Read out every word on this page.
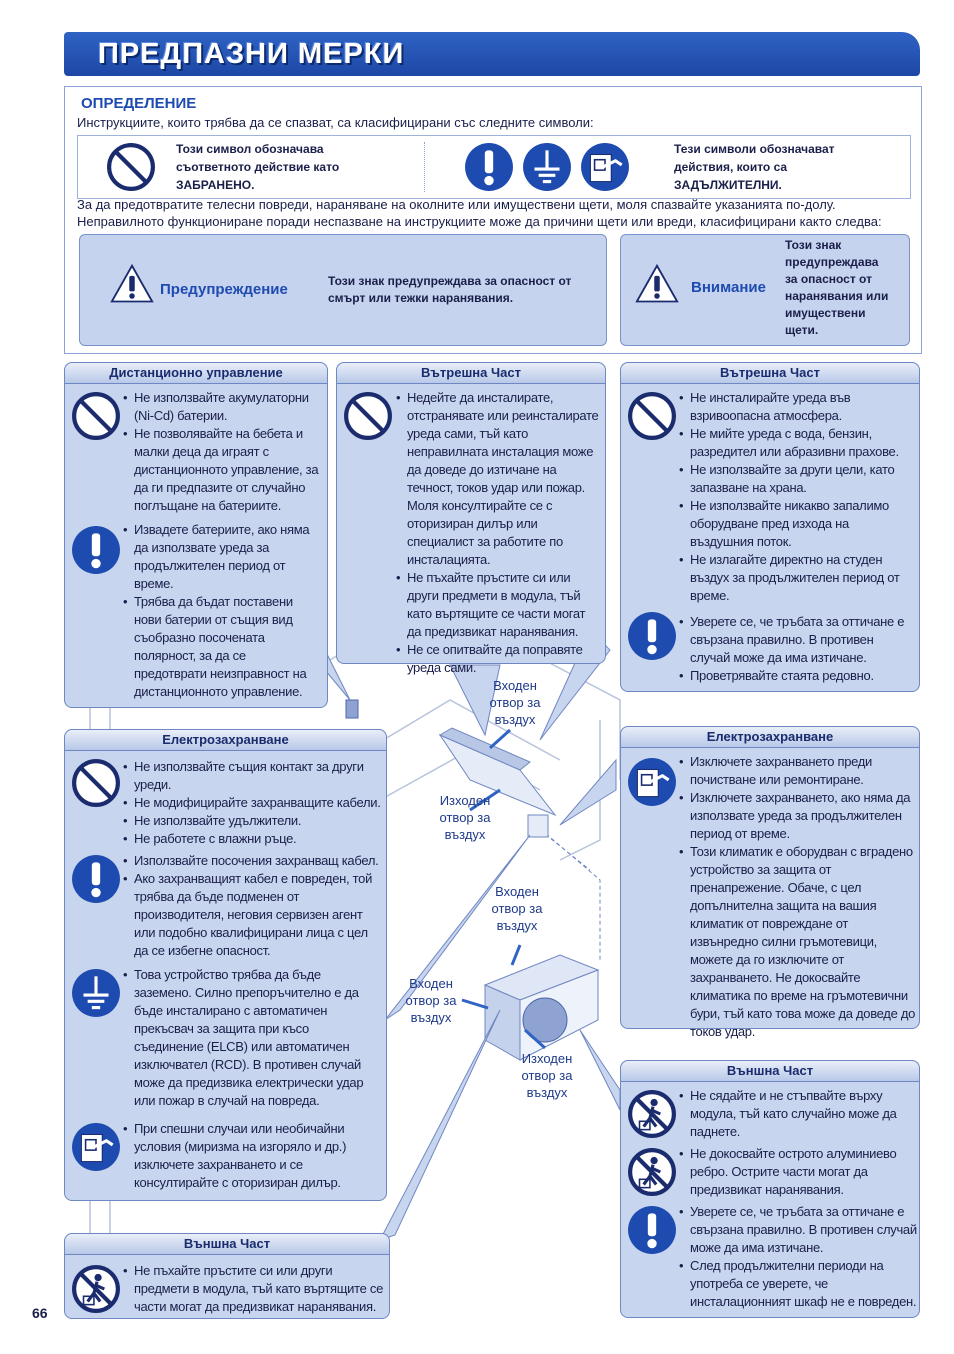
ПРЕДПАЗНИ МЕРКИ
ОПРЕДЕЛЕНИЕ
Инструкциите, които трябва да се спазват, са класифицирани със следните символи:
Този символ обозначава
съответното действие като
ЗАБРАНЕНО.
Тези символи обозначават
действия, които са
ЗАДЪЛЖИТЕЛНИ.
За да предотвратите телесни повреди, нараняване на околните или имуществени щети, моля спазвайте указанията по-долу.
Неправилното функциониране поради неспазване на инструкциите може да причини щети или вреди, класифицирани както следва:
Предупреждение	Този знак предупреждава за опасност от
смърт или тежки наранявания.
Внимание
Този знак
предупреждава
за опасност от
наранявания или
имуществени
щети.
Входен
отвор за
въздух
Изходен
отвор за
въздух
Входен
отвор за
въздух
Входен
отвор за
въздух
Изходен
отвор за
въздух
Дистанционно управление
• Не използвайте акумулаторни (Ni-Cd) батерии.
• Не позволявайте на бебета и малки деца да играят с дистанционното управление, за да ги предпазите от случайно поглъщане на батериите.
• Извадете батериите, ако няма да използвате уреда за продължителен период от време.
• Трябва да бъдат поставени нови батерии от същия вид съобразно посочената полярност, за да се предотврати неизправност на дистанционното управление.
Вътрешна Част
• Недейте да инсталирате, отстранявате или реинсталирате уреда сами, тъй като неправилната инсталация може да доведе до изтичане на течност, токов удар или пожар. Моля консултирайте се с оторизиран дилър или специалист за работите по инсталацията.
• Не пъхайте пръстите си или други предмети в модула, тъй като въртящите се части могат да предизвикат наранявания.
• Не се опитвайте да поправяте уреда сами.
Вътрешна Част
• Не инсталирайте уреда във взривоопасна атмосфера.
• Не мийте уреда с вода, бензин, разредител или абразивни прахове.
• Не използвайте за други цели, като запазване на храна.
• Не използвайте никакво запалимо оборудване пред изхода на въздушния поток.
• Не излагайте директно на студен въздух за продължителен период от време.
• Уверете се, че тръбата за оттичане е свързана правилно. В противен случай може да има изтичане.
• Проветрявайте стаята редовно.
Електрозахранване
• Не използвайте същия контакт за други уреди.
• Не модифицирайте захранващите кабели.
• Не използвайте удължители.
• Не работете с влажни ръце.
• Използвайте посочения захранващ кабел.
• Ако захранващият кабел е повреден, той трябва да бъде подменен от производителя, неговия сервизен агент или подобно квалифицирани лица с цел да се избегне опасност.
• Това устройство трябва да бъде заземено. Силно препоръчително е да бъде инсталирано с автоматичен прекъсвач за защита при късо съединение (ELCB) или автоматичен изключвател (RCD). В противен случай може да предизвика електрически удар или пожар в случай на повреда.
• При спешни случаи или необичайни условия (миризма на изгоряло и др.) изключете захранването и се консултирайте с оторизиран дилър.
Електрозахранване
• Изключете захранването преди почистване или ремонтиране.
• Изключете захранването, ако няма да използвате уреда за продължителен период от време.
• Този климатик е оборудван с вградено устройство за защита от пренапрежение. Обаче, с цел допълнителна защита на вашия климатик от повреждане от извънредно силни гръмотевици, можете да го изключите от захранването. Не докосвайте климатика по време на гръмотевични бури, тъй като това може да доведе до токов удар.
Външна Част
• Не сядайте и не стъпвайте върху модула, тъй като случайно може да паднете.
• Не докосвайте острото алуминиево ребро. Острите части могат да предизвикат наранявания.
• Уверете се, че тръбата за оттичане е свързана правилно. В противен случай може да има изтичане.
• След продължителни периоди на употреба се уверете, че инсталационният шкаф не е повреден.
Външна Част
• Не пъхайте пръстите си или други предмети в модула, тъй като въртящите се части могат да предизвикат наранявания.
66
